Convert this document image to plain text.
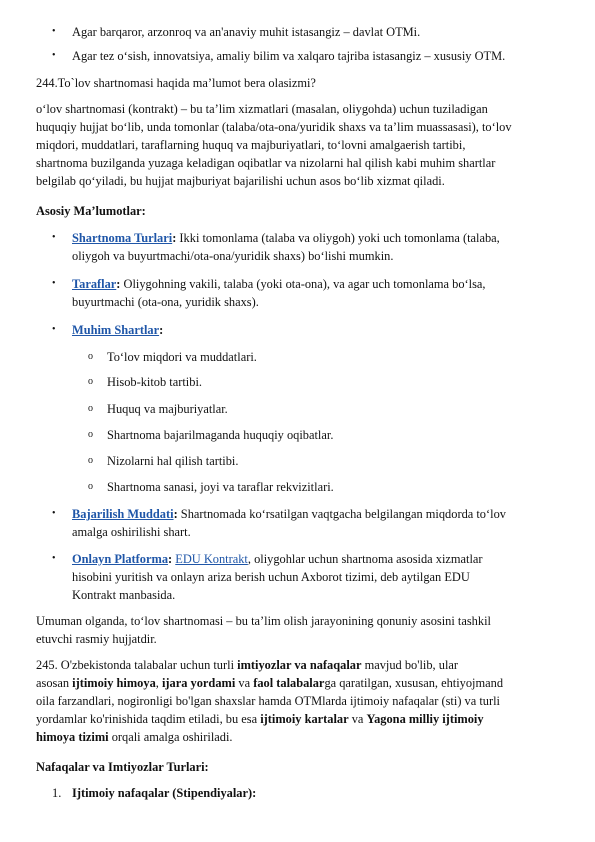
• Agar barqaror, arzonroq va an'anaviy muhit istasangiz – davlat OTMi.
• Agar tez o‘sish, innovatsiya, amaliy bilim va xalqaro tajriba istasangiz – xususiy OTM.
244.To`lov shartnomasi haqida ma’lumot bera olasizmi?
o‘lov shartnomasi (kontrakt) – bu ta’lim xizmatlari (masalan, oliygohda) uchun tuziladigan
huquqiy hujjat bo‘lib, unda tomonlar (talaba/ota-ona/yuridik shaxs va ta’lim muassasasi), to‘lov
miqdori, muddatlari, taraflarning huquq va majburiyatlari, to‘lovni amalgaerish tartibi,
shartnoma buzilganda yuzaga keladigan oqibatlar va nizolarni hal qilish kabi muhim shartlar
belgilab qo‘yiladi, bu hujjat majburiyat bajarilishi uchun asos bo‘lib xizmat qiladi.
Asosiy Ma’lumotlar:
• Shartnoma Turlari: Ikki tomonlama (talaba va oliygoh) yoki uch tomonlama (talaba,
oliygoh va buyurtmachi/ota-ona/yuridik shaxs) bo‘lishi mumkin.
• Taraflar: Oliygohning vakili, talaba (yoki ota-ona), va agar uch tomonlama bo‘lsa,
buyurtmachi (ota-ona, yuridik shaxs).
• Muhim Shartlar:
o To‘lov miqdori va muddatlari.
o Hisob-kitob tartibi.
o Huquq va majburiyatlar.
o Shartnoma bajarilmaganda huquqiy oqibatlar.
o Nizolarni hal qilish tartibi.
o Shartnoma sanasi, joyi va taraflar rekvizitlari.
• Bajarilish Muddati: Shartnomada ko‘rsatilgan vaqtgacha belgilangan miqdorda to‘lov
amalga oshirilishi shart.
• Onlayn Platforma: EDU Kontrakt, oliygohlar uchun shartnoma asosida xizmatlar
hisobini yuritish va onlayn ariza berish uchun Axborot tizimi, deb aytilgan EDU
Kontrakt manbasida.
Umuman olganda, to‘lov shartnomasi – bu ta’lim olish jarayonining qonuniy asosini tashkil
etuvchi rasmiy hujjatdir.
245. O'zbekistonda talabalar uchun turli imtiyozlar va nafaqalar mavjud bo'lib, ular
asosan ijtimoiy himoya, ijara yordami va faol talabalarga qaratilgan, xususan, ehtiyojmand
oila farzandlari, nogironligi bo'lgan shaxslar hamda OTMlarda ijtimoiy nafaqalar (sti) va turli
yordamlar ko'rinishida taqdim etiladi, bu esa ijtimoiy kartalar va Yagona milliy ijtimoiy
himoya tizimi orqali amalga oshiriladi.
Nafaqalar va Imtiyozlar Turlari:
1. Ijtimoiy nafaqalar (Stipendiyalar):
